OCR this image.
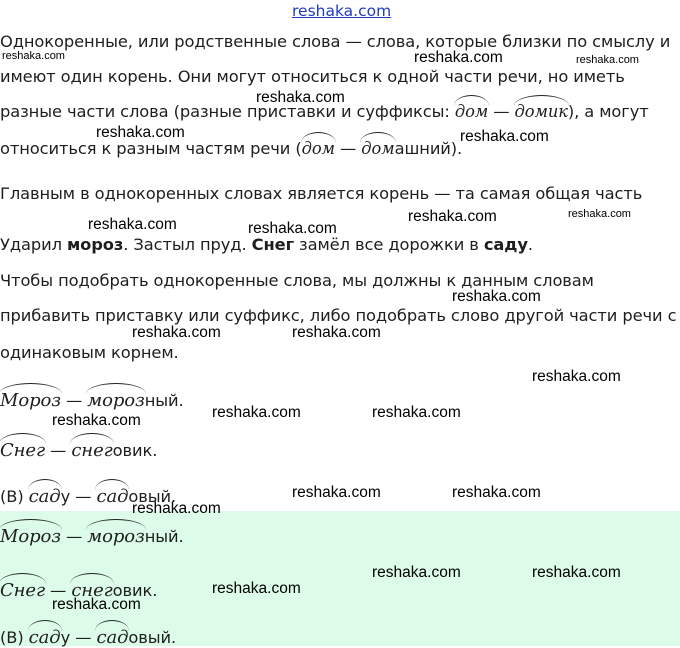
reshaka.com
Однокоренные, или родственные слова — слова, которые близки по смыслу и
имеют один корень. Они могут относиться к одной части речи, но иметь
разные части слова (разные приставки и суффиксы:
дом —
домик), а могут
относиться к разным частям речи (
дом —
домашний).
Главным в однокоренных словах является корень — та самая общая часть
Ударил мороз. Застыл пруд. Снег замёл все дорожки в саду.
Чтобы подобрать однокоренные слова, мы должны к данным словам
прибавить приставку или суффикс, либо подобрать слово другой части речи с
одинаковым корнем.
Мороз —
морозный.
Снег —
снеговик.
(В)
саду —
садовый.
Мороз —
морозный.
Снег —
снеговик.
(В)
саду —
садовый.
reshaka.com	reshaka.com	reshaka.com
reshaka.com
reshaka.com	reshaka.com
reshaka.com	reshaka.com
reshaka.com	reshaka.com
reshaka.com
reshaka.com	reshaka.com
reshaka.com
reshaka.com	reshaka.com
reshaka.com
reshaka.com	reshaka.com
reshaka.com
reshaka.com	reshaka.com
reshaka.com
reshaka.com
